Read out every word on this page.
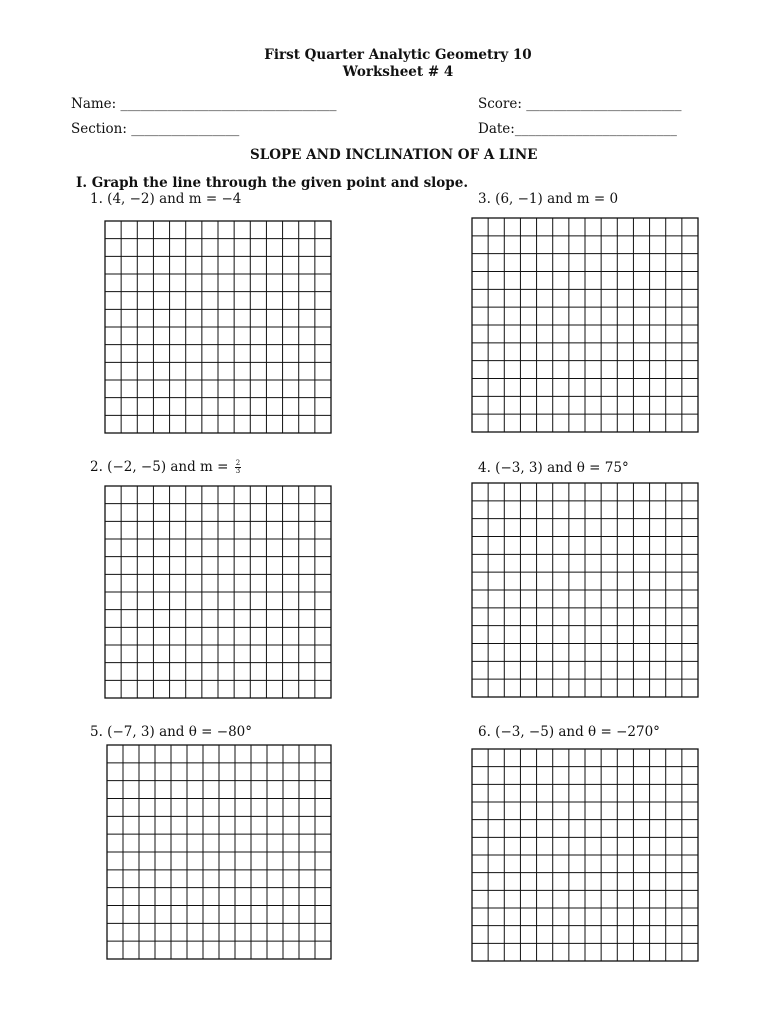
First Quarter Analytic Geometry 10
Worksheet # 4
Name: ________________________________	Score: _______________________
Section: ________________	Date:________________________
SLOPE AND INCLINATION OF A LINE
I. Graph the line through the given point and slope.
1. (4, −2) and m = −4	3. (6, −1) and m = 0
2. (−2, −5) and $m = \frac{2}{3}$	4. (−3, 3) and θ = 75°
5. (−7, 3) and θ = −80°	6. (−3, −5) and θ = −270°
